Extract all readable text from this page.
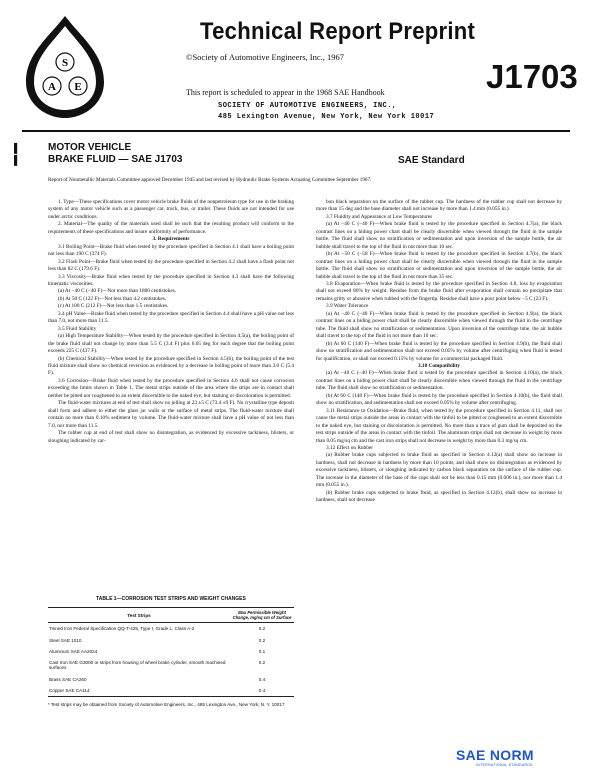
S
A E
Technical Report Preprint
©Society of Automotive Engineers, Inc., 1967
J1703
This report is scheduled to appear in the 1968 SAE Handbook
SOCIETY OF AUTOMOTIVE ENGINEERS, INC.,
485 Lexington Avenue, New York, New York 10017
▌
▌
MOTOR VEHICLE
BRAKE FLUID — SAE J1703	SAE Standard
Report of Nonmetallic Materials Committee approved December 1945 and last revised by Hydraulic Brake Systems Actuating Committee September 1967.

1. Type—These specifications cover motor vehicle brake fluids of the nonpetroleum type for use in the braking system of any motor vehicle such as a passenger car, truck, bus, or trailer. These fluids are not intended for use under arctic conditions.

2. Material—The quality of the materials used shall be such that the resulting product will conform to the requirements of these specifications and insure uniformity of performance.

3. Requirements

3.1 Boiling Point—Brake fluid when tested by the procedure specified in Section 4.1 shall have a boiling point not less than 190 C (374 F).

3.2 Flash Point—Brake fluid when tested by the procedure specified in Section 4.2 shall have a flash point not less than 82 C (179.6 F).

3.3 Viscosity—Brake fluid when tested by the procedure specified in Section 4.3 shall have the following kinematic viscosities:

(a) At −40 C (−40 F)—Not more than 1800 centistokes.

(b) At 50 C (122 F)—Not less than 4.2 centistokes.

(c) At 100 C (212 F)—Not less than 1.5 centistokes.

3.4 pH Value—Brake fluid when tested by the procedure specified in Section 4.4 shall have a pH value not less than 7.0, not more than 11.5.

3.5 Fluid Stability

(a) High Temperature Stability—When tested by the procedure specified in Section 4.5(a), the boiling point of the brake fluid shall not change by more than 5.5 C (3.4 F) plus 0.05 deg for each degree that the boiling point exceeds 225 C (437 F).

(b) Chemical Stability—When tested by the procedure specified in Section 4.5(b), the boiling point of the test fluid mixture shall show no chemical reversion as evidenced by a decrease in boiling point of more than 3.0 C (5.4 F).

3.6 Corrosion—Brake fluid when tested by the procedure specified in Section 4.6 shall not cause corrosion exceeding the limits shown in Table 1. The metal strips outside of the area where the strips are in contact shall neither be pitted nor roughened to an extent discernible to the naked eye, but staining or discoloration is permitted.

The fluid-water mixtures at end of test shall show no jelling at 23 ±5 C (73.4 ±9 F). No crystalline type deposit shall form and adhere to either the glass jar walls or the surface of metal strips. The fluid-water mixture shall contain no more than 0.10% sediment by volume. The fluid-water mixture shall have a pH value of not less than 7.0, nor more than 11.5.

The rubber cup at end of test shall show no disintegration, as evidenced by excessive tackiness, blisters, or sloughing indicated by car-

bon black separation on the surface of the rubber cup. The hardness of the rubber cup shall not decrease by more than 15 deg and the base diameter shall not increase by more than 1.4 mm (0.055 in.).

3.7 Fluidity and Appearance at Low Temperatures

(a) At −40 C (−40 F)—When brake fluid is tested by the procedure specified in Section 4.7(a), the black contrast lines on a hiding power chart shall be clearly discernible when viewed through the fluid in the sample bottle. The fluid shall show no stratification or sedimentation and upon inversion of the sample bottle, the air bubble shall travel to the top of the fluid in not more than 10 sec.

(b) At −50 C (−58 F)—When brake fluid is tested by the procedure specified in Section 4.7(b), the black contrast lines on a hiding power chart shall be clearly discernible when viewed through the fluid in the sample bottle. The fluid shall show no stratification or sedimentation and upon inversion of the sample bottle, the air bubble shall travel to the top of the fluid in not more than 35 sec.

3.8 Evaporation—When brake fluid is tested by the procedure specified in Section 4.8, loss by evaporation shall not exceed 80% by weight. Residue from the brake fluid after evaporation shall contain no precipitate that remains gritty or abrasive when rubbed with the fingertip. Residue shall have a pour point below −5 C (23 F).

3.9 Water Tolerance

(a) At −40 C (−40 F)—When brake fluid is tested by the procedure specified in Section 4.9(a), the black contrast lines on a hiding power chart shall be clearly discernible when viewed through the fluid in the centrifuge tube. The fluid shall show no stratification or sedimentation. Upon inversion of the centrifuge tube, the air bubble shall travel to the top of the fluid in not more than 10 sec.

(b) At 60 C (140 F)—When brake fluid is tested by the procedure specified in Section 4.9(b), the fluid shall show no stratification and sedimentation shall not exceed 0.05% by volume after centrifuging when fluid is tested for qualification, or shall not exceed 0.15% by volume for a commercial packaged fluid.

3.10 Compatibility

(a) At −40 C (−40 F)—When brake fluid is tested by the procedure specified in Section 4.10(a), the black contrast lines on a hiding power chart shall be clearly discernible when viewed through the fluid in the centrifuge tube. The fluid shall show no stratification or sedimentation.

(b) At 60 C (140 F)—When brake fluid is tested by the procedure specified in Section 4.10(b), the fluid shall show no stratification, and sedimentation shall not exceed 0.05% by volume after centrifuging.

3.11 Resistance to Oxidation—Brake fluid, when tested by the procedure specified in Section 4.11, shall not cause the metal strips outside the areas in contact with the tinfoil to be pitted or roughened to an extent discernible to the naked eye, but staining or discoloration is permitted. No more than a trace of gum shall be deposited on the test strips outside of the areas in contact with the tinfoil. The aluminum strips shall not decrease in weight by more than 0.05 mg/sq cm and the cast iron strips shall not decrease in weight by more than 0.3 mg/sq cm.

3.12 Effect on Rubber

(a) Rubber brake cups subjected to brake fluid as specified in Section 4.12(a) shall show no increase in hardness, shall not decrease in hardness by more than 10 points, and shall show no disintegration as evidenced by excessive tackiness, blisters, or sloughing indicated by carbon black separation on the surface of the rubber cup. The increase in the diameter of the base of the cups shall not be less than 0.15 mm (0.006 in.), nor more than 1.4 mm (0.055 in.).

(b) Rubber brake cups subjected to brake fluid, as specified in Section 4.12(b), shall show no increase in hardness, shall not decrease

TABLE 1—CORROSION TEST STRIPS AND WEIGHT CHANGES
Test Strips	Max Permissible Weight Change, mg/sq cm of Surface
Tinned Iron Federal Specification QQ-T-425, Type I, Grade L, Class A-2	0.2
Steel SAE 1010	0.2
Aluminum SAE AA2024	0.1
Cast Iron SAE G3000 or strips from housing of wheel brake cylinder, smooth machined surfaces	0.2
Brass SAE CA260	0.4
Copper SAE CA114	0.4
* Test strips may be obtained from Society of Automotive Engineers, Inc., 485 Lexington Ave., New York, N. Y. 10017.
SAE NORM
INTERNATIONAL STANDARDS
